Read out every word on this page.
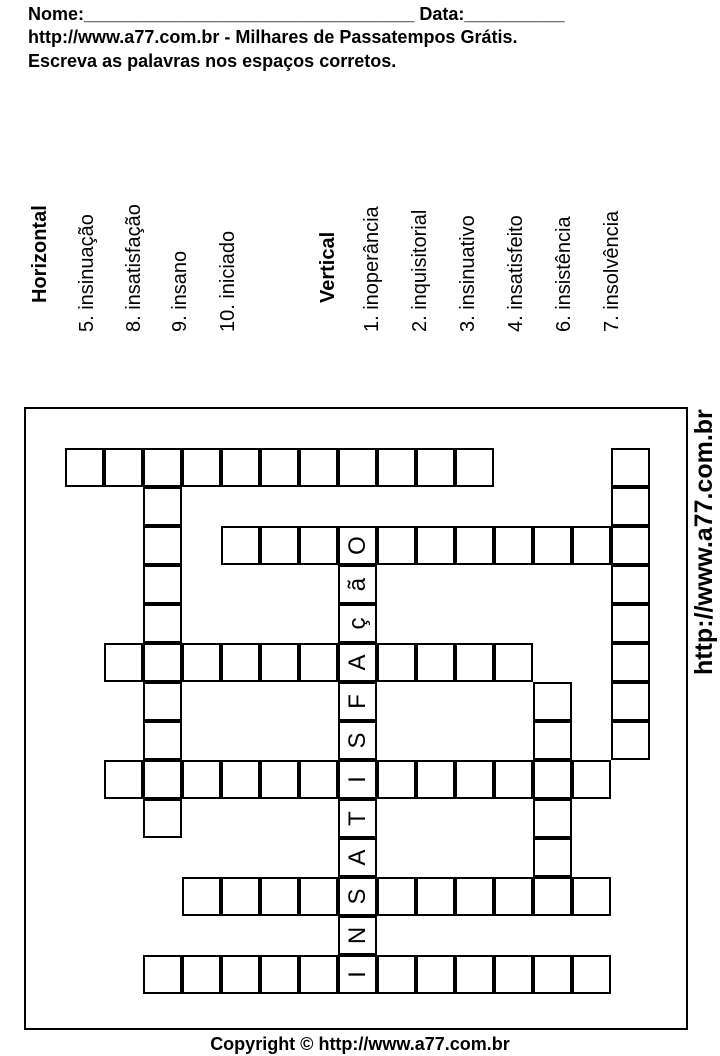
Nome:_________________________________ Data:__________
http://www.a77.com.br - Milhares de Passatempos Grátis.
Escreva as palavras nos espaços corretos.
Horizontal 5. insinuação 8. insatisfação 9. insano 10. iniciado	Vertical 1. inoperância 2. inquisitorial 3. insinuativo 4. insatisfeito 6. insistência 7. insolvência
http://www.a77.com.br
I
N
S
A
T
I
S
F
A
ç
ã
O
Copyright © http://www.a77.com.br
